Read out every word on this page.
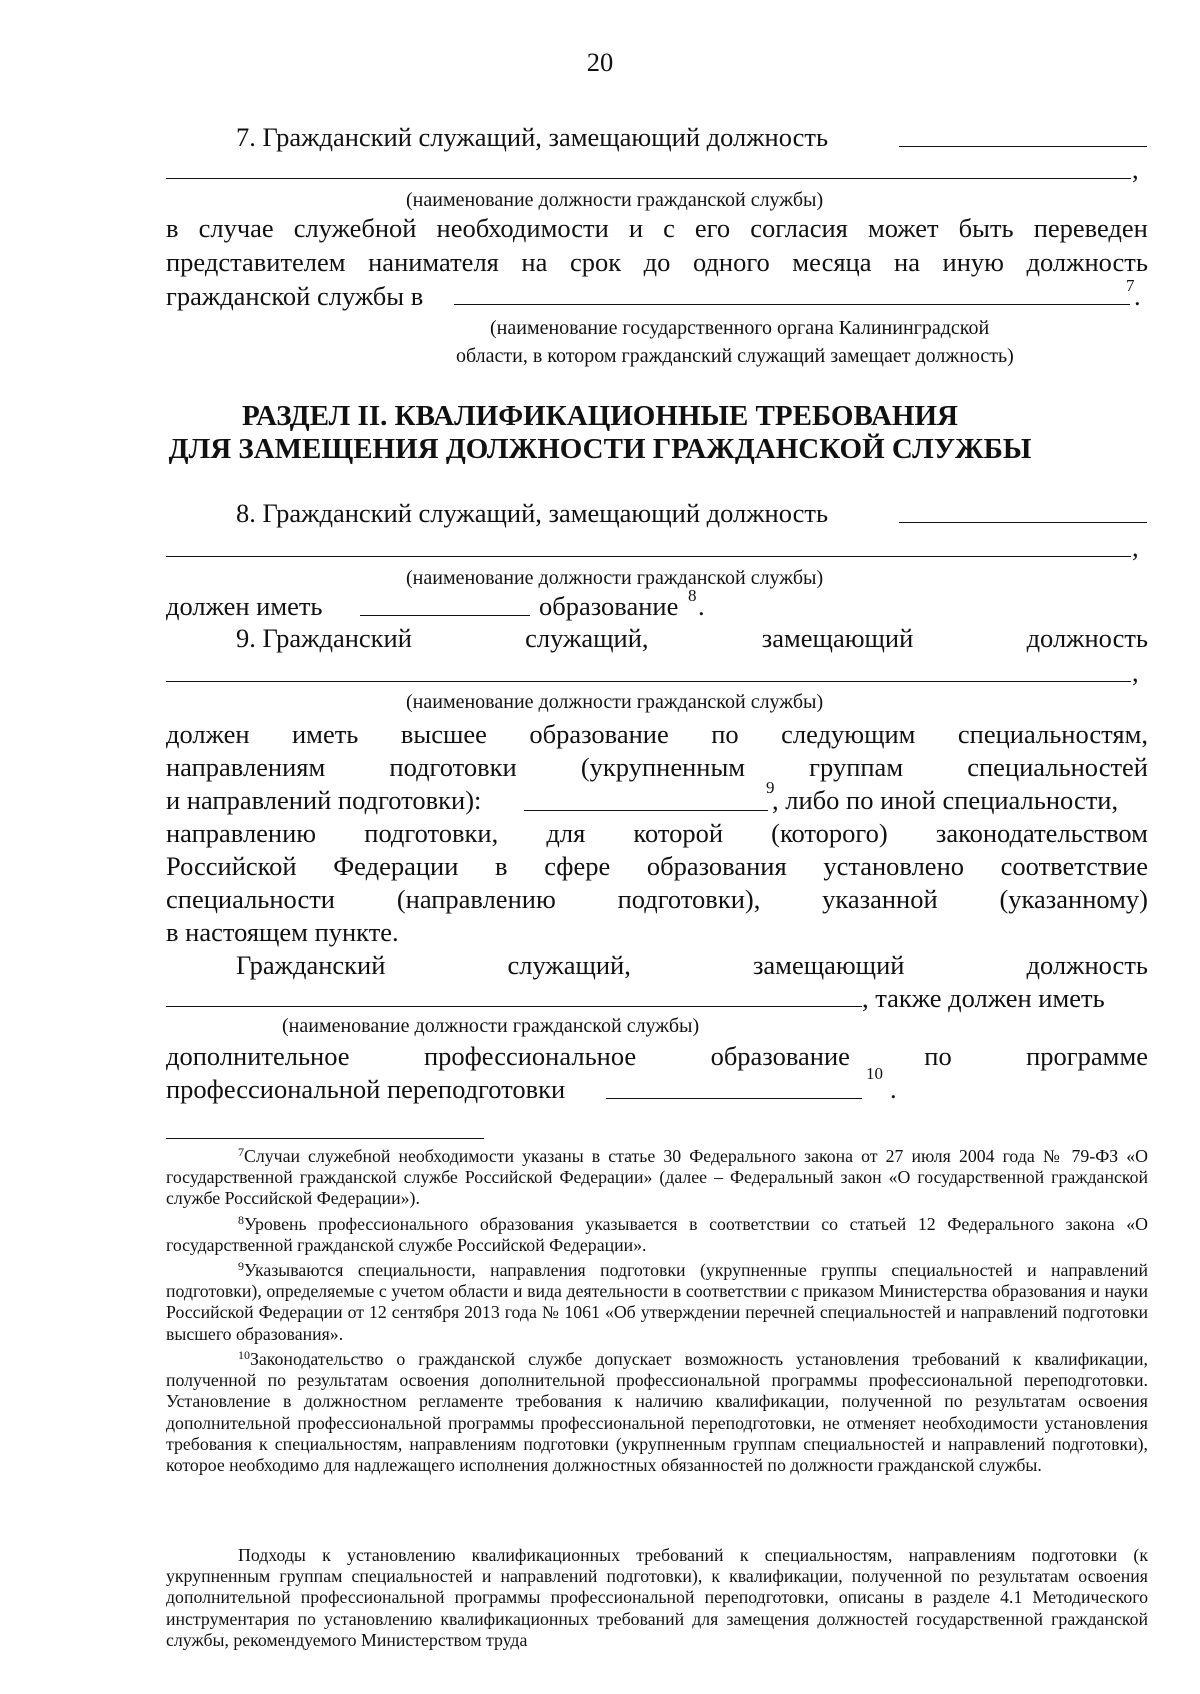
20
7. Гражданский служащий, замещающий должность
,
(наименование должности гражданской службы)
в случае служебной необходимости и с его согласия может быть переведен
представителем нанимателя на срок до одного месяца на иную должность
гражданской службы в	7 .
(наименование государственного органа Калининградской
области, в котором гражданский служащий замещает должность)
РАЗДЕЛ II. КВАЛИФИКАЦИОННЫЕ ТРЕБОВАНИЯ
ДЛЯ ЗАМЕЩЕНИЯ ДОЛЖНОСТИ ГРАЖДАНСКОЙ СЛУЖБЫ
8. Гражданский служащий, замещающий должность
,
(наименование должности гражданской службы)
должен иметь	образование 8 .
9. Гражданский	служащий,	замещающий	должность
,
(наименование должности гражданской службы)
должен иметь высшее образование по следующим специальностям,
направлениям подготовки (укрупненным группам специальностей
и направлений подготовки):	9
, либо по иной специальности,
направлению подготовки, для которой (которого) законодательством
Российской Федерации в сфере образования установлено соответствие
специальности (направлению подготовки), указанной (указанному)
в настоящем пункте.
Гражданский	служащий,	замещающий	должность
, также должен иметь
(наименование должности гражданской службы)
дополнительное	профессиональное	образование	по	программе
профессиональной переподготовки
10
.
$^7$Случаи служебной необходимости указаны в статье 30 Федерального закона от 27 июля 2004 года № 79-ФЗ «О государственной гражданской службе Российской Федерации» (далее – Федеральный закон «О государственной гражданской службе Российской Федерации»).
$^8$Уровень профессионального образования указывается в соответствии со статьей 12 Федерального закона «О государственной гражданской службе Российской Федерации».
$^9$Указываются специальности, направления подготовки (укрупненные группы специальностей и направлений подготовки), определяемые с учетом области и вида деятельности в соответствии с приказом Министерства образования и науки Российской Федерации от 12 сентября 2013 года № 1061 «Об утверждении перечней специальностей и направлений подготовки высшего образования».
$^{10}$Законодательство о гражданской службе допускает возможность установления требований к квалификации, полученной по результатам освоения дополнительной профессиональной программы профессиональной переподготовки. Установление в должностном регламенте требования к наличию квалификации, полученной по результатам освоения дополнительной профессиональной программы профессиональной переподготовки, не отменяет необходимости установления требования к специальностям, направлениям подготовки (укрупненным группам специальностей и направлений подготовки), которое необходимо для надлежащего исполнения должностных обязанностей по должности гражданской службы.
Подходы к установлению квалификационных требований к специальностям, направлениям подготовки (к укрупненным группам специальностей и направлений подготовки), к квалификации, полученной по результатам освоения дополнительной профессиональной программы профессиональной переподготовки, описаны в разделе 4.1 Методического инструментария по установлению квалификационных требований для замещения должностей государственной гражданской службы, рекомендуемого Министерством труда
